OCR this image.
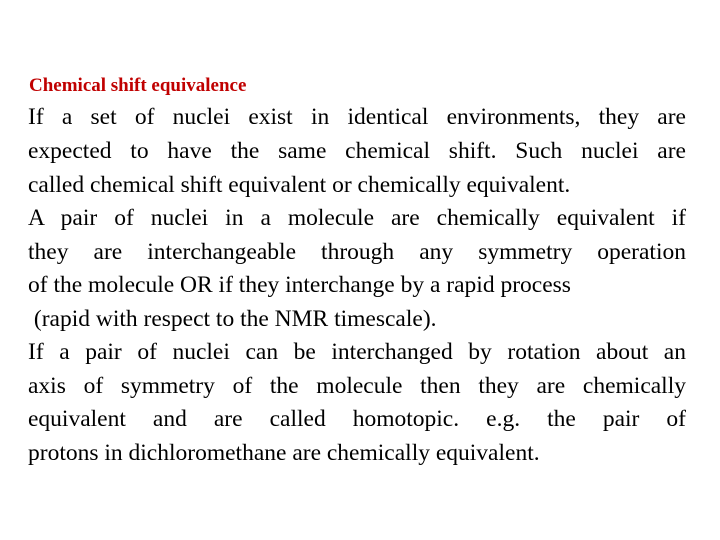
Chemical shift equivalence
If a set of nuclei exist in identical environments, they are
expected to have the same chemical shift. Such nuclei are
called chemical shift equivalent or chemically equivalent.
A pair of nuclei in a molecule are chemically equivalent if
they are interchangeable through any symmetry operation
of the molecule OR if they interchange by a rapid process
(rapid with respect to the NMR timescale).
If a pair of nuclei can be interchanged by rotation about an
axis of symmetry of the molecule then they are chemically
equivalent and are called homotopic. e.g. the pair of
protons in dichloromethane are chemically equivalent.
